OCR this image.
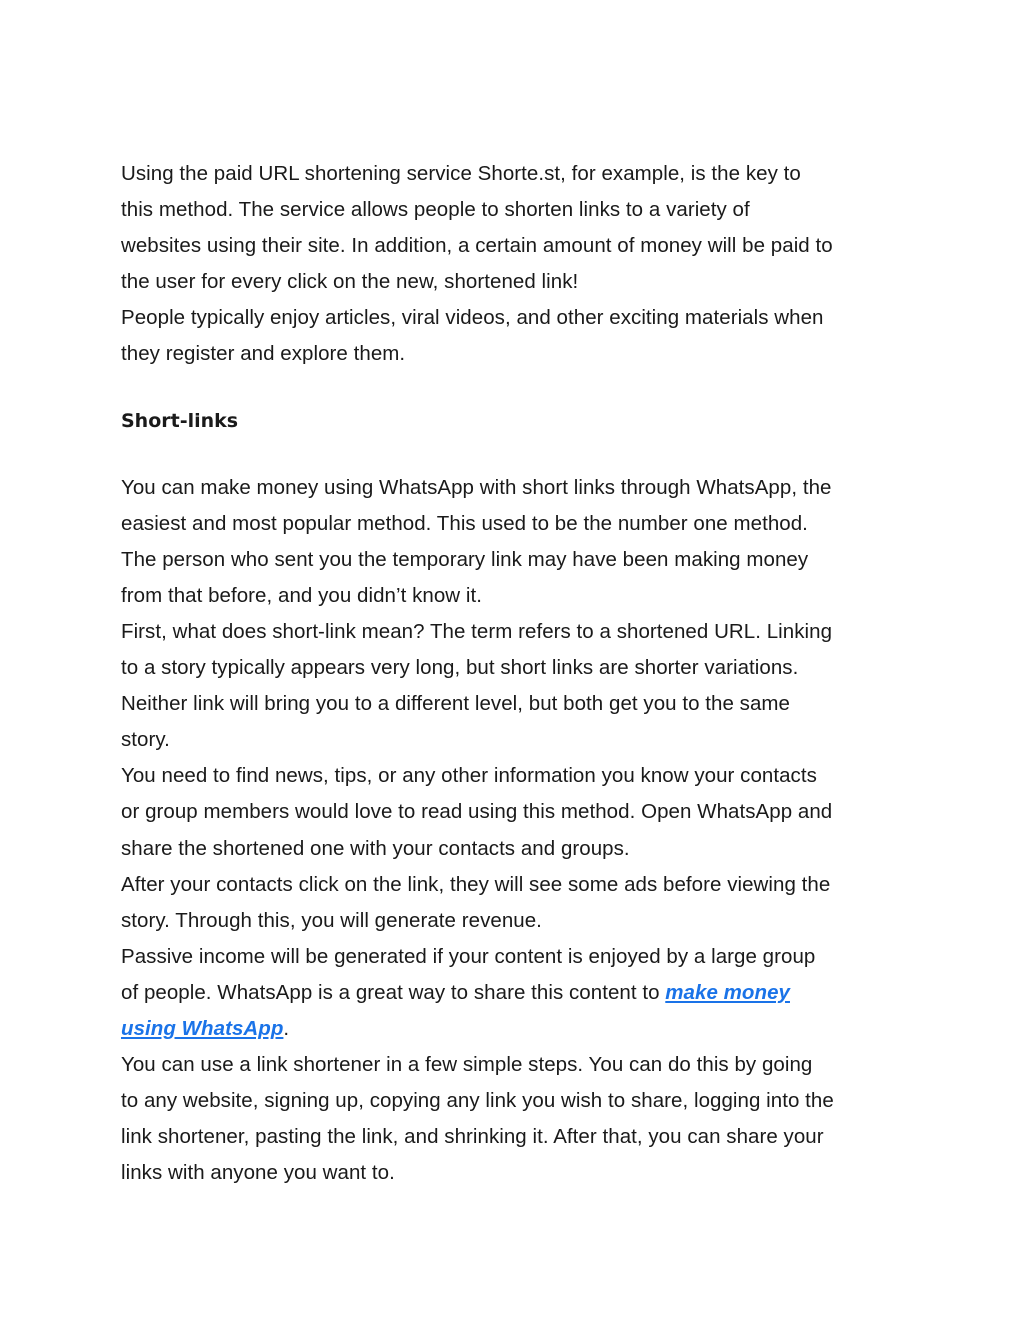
Using the paid URL shortening service Shorte.st, for example, is the key to
this method. The service allows people to shorten links to a variety of
websites using their site. In addition, a certain amount of money will be paid to
the user for every click on the new, shortened link!
People typically enjoy articles, viral videos, and other exciting materials when
they register and explore them.
Short-links
You can make money using WhatsApp with short links through WhatsApp, the
easiest and most popular method. This used to be the number one method.
The person who sent you the temporary link may have been making money
from that before, and you didn’t know it.
First, what does short-link mean? The term refers to a shortened URL. Linking
to a story typically appears very long, but short links are shorter variations.
Neither link will bring you to a different level, but both get you to the same
story.
You need to find news, tips, or any other information you know your contacts
or group members would love to read using this method. Open WhatsApp and
share the shortened one with your contacts and groups.
After your contacts click on the link, they will see some ads before viewing the
story. Through this, you will generate revenue.
Passive income will be generated if your content is enjoyed by a large group
of people. WhatsApp is a great way to share this content to make money
using WhatsApp.
You can use a link shortener in a few simple steps. You can do this by going
to any website, signing up, copying any link you wish to share, logging into the
link shortener, pasting the link, and shrinking it. After that, you can share your
links with anyone you want to.
